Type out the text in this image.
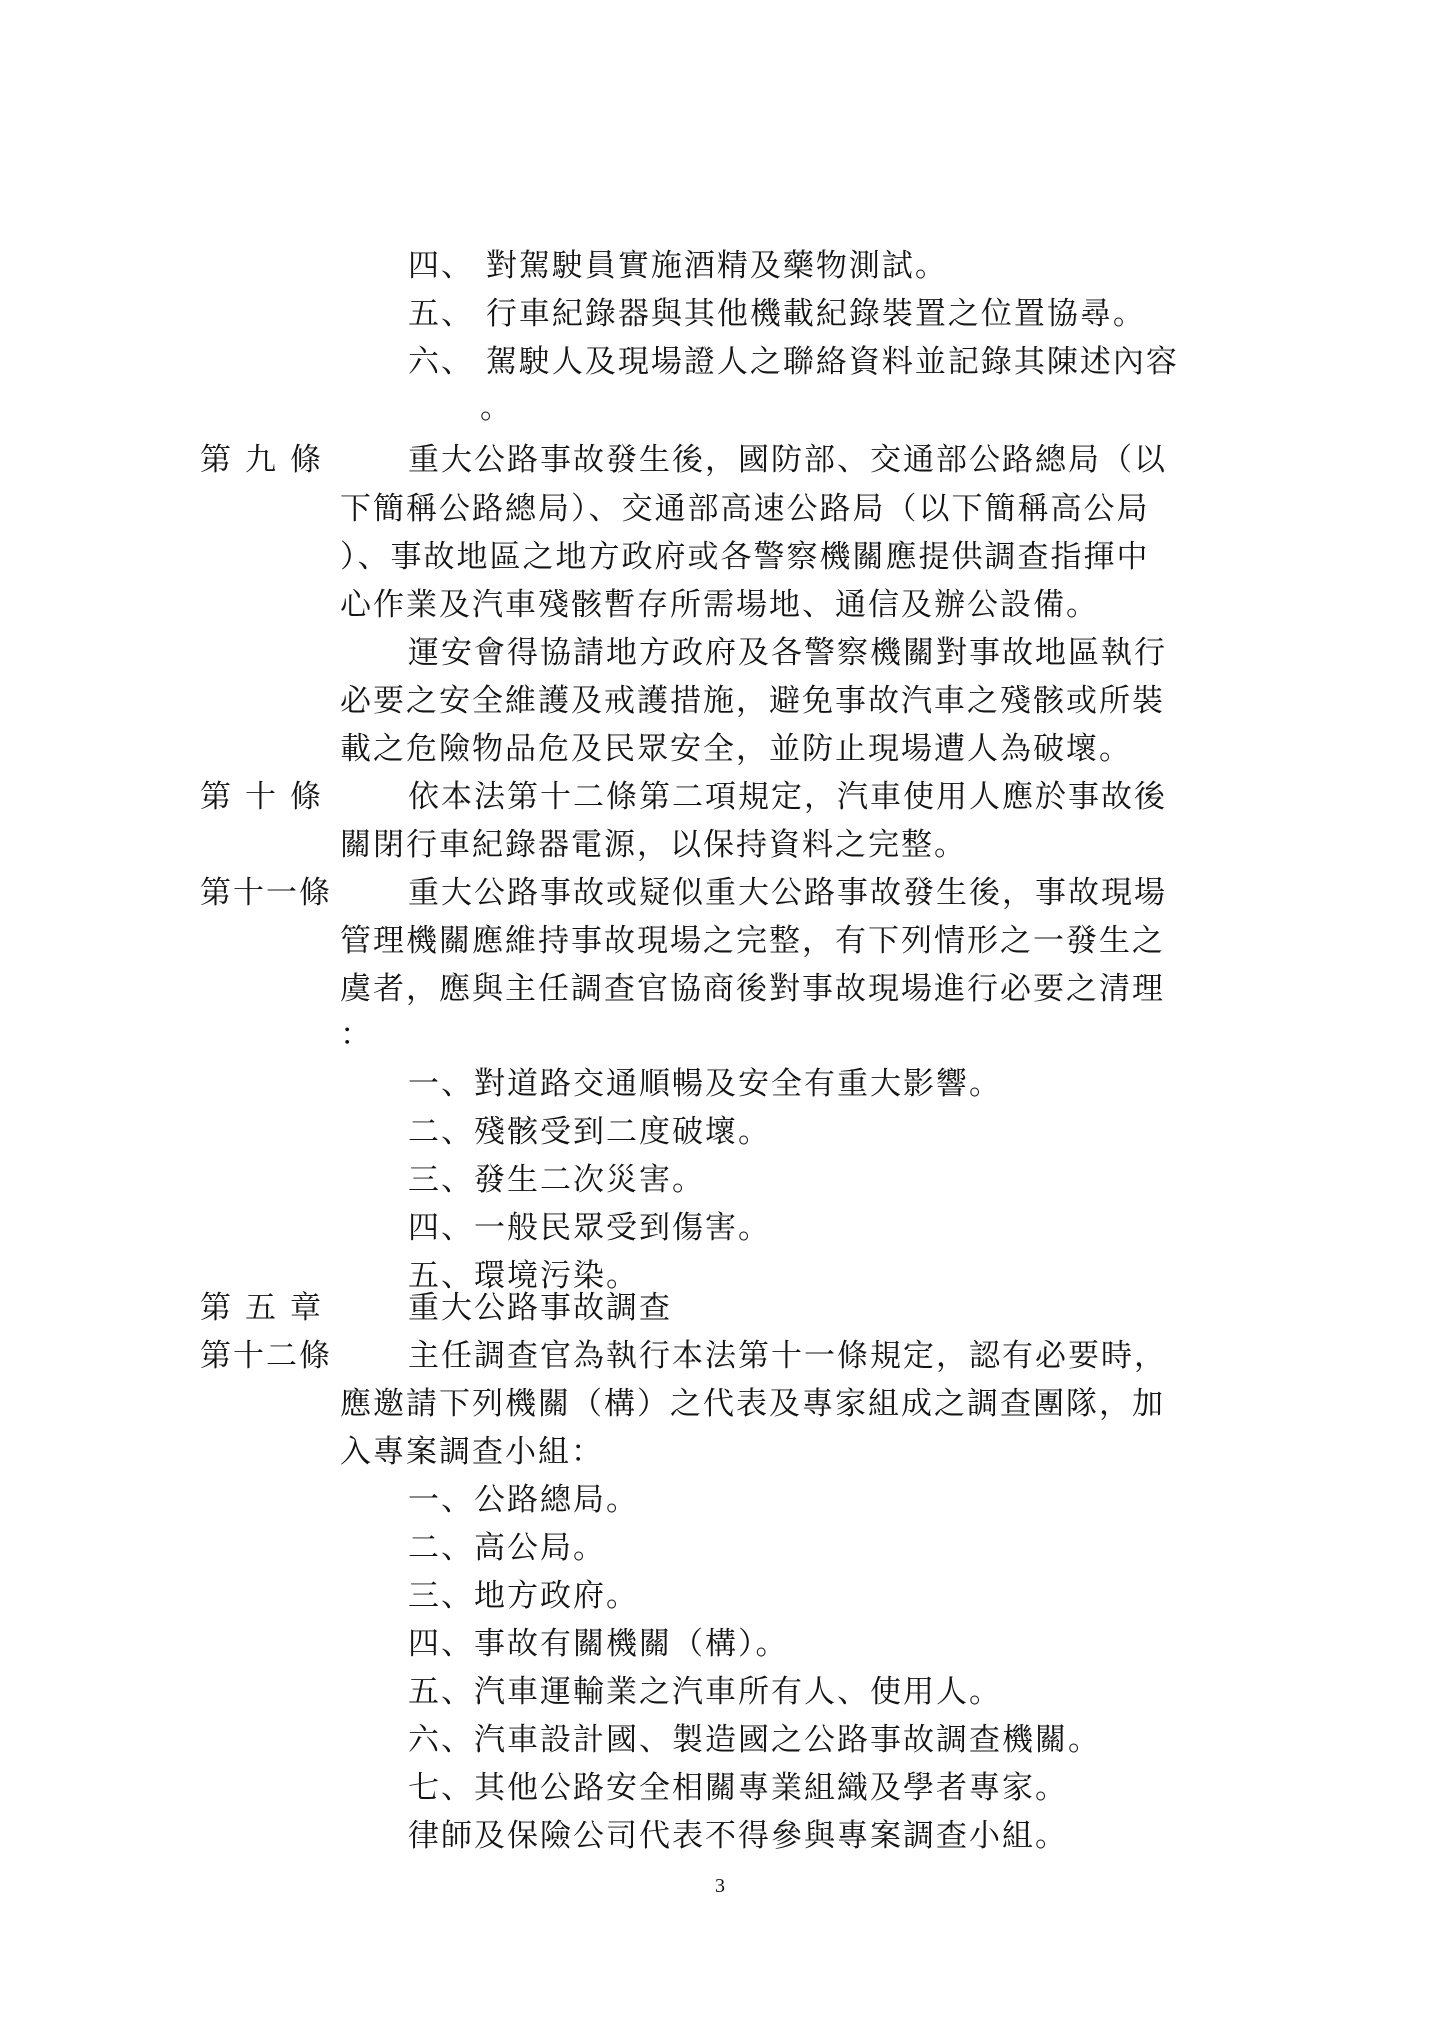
四、 對駕駛員實施酒精及藥物測試。
五、 行車紀錄器與其他機載紀錄裝置之位置協尋。
六、 駕駛人及現場證人之聯絡資料並記錄其陳述內容
。
第九條 重大公路事故發生後，國防部、交通部公路總局（以
下簡稱公路總局）、交通部高速公路局（以下簡稱高公局
）、事故地區之地方政府或各警察機關應提供調查指揮中
心作業及汽車殘骸暫存所需場地、通信及辦公設備。
運安會得協請地方政府及各警察機關對事故地區執行
必要之安全維護及戒護措施，避免事故汽車之殘骸或所裝
載之危險物品危及民眾安全，並防止現場遭人為破壞。
第十條 依本法第十二條第二項規定，汽車使用人應於事故後
關閉行車紀錄器電源，以保持資料之完整。
第十一條 重大公路事故或疑似重大公路事故發生後，事故現場
管理機關應維持事故現場之完整，有下列情形之一發生之
虞者，應與主任調查官協商後對事故現場進行必要之清理
：
一、對道路交通順暢及安全有重大影響。
二、殘骸受到二度破壞。
三、發生二次災害。
四、一般民眾受到傷害。
五、環境污染。
第五章 重大公路事故調查
第十二條 主任調查官為執行本法第十一條規定，認有必要時，
應邀請下列機關（構）之代表及專家組成之調查團隊，加
入專案調查小組：
一、公路總局。
二、高公局。
三、地方政府。
四、事故有關機關（構）。
五、汽車運輸業之汽車所有人、使用人。
六、汽車設計國、製造國之公路事故調查機關。
七、其他公路安全相關專業組織及學者專家。
律師及保險公司代表不得參與專案調查小組。
3
